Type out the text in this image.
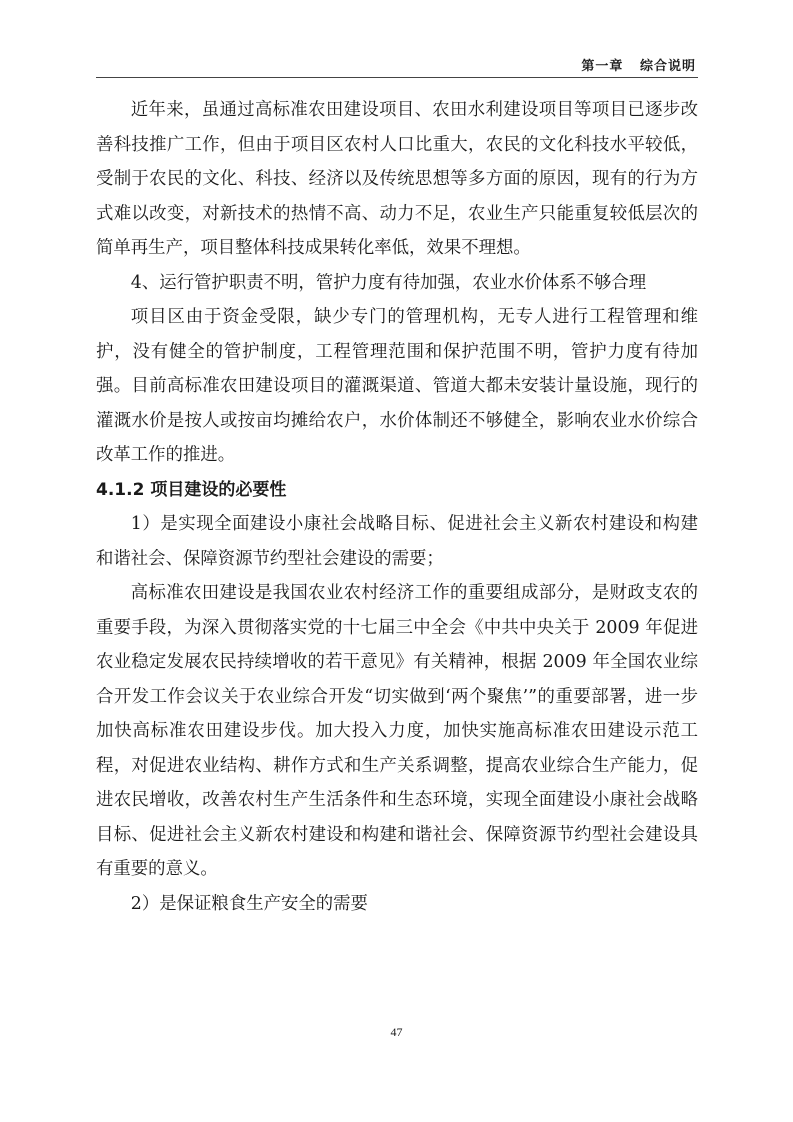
第一章 综合说明

近年来，虽通过高标准农田建设项目、农田水利建设项目等项目已逐步改善科技推广工作，但由于项目区农村人口比重大，农民的文化科技水平较低，受制于农民的文化、科技、经济以及传统思想等多方面的原因，现有的行为方式难以改变，对新技术的热情不高、动力不足，农业生产只能重复较低层次的简单再生产，项目整体科技成果转化率低，效果不理想。

4、运行管护职责不明，管护力度有待加强，农业水价体系不够合理

项目区由于资金受限，缺少专门的管理机构，无专人进行工程管理和维护，没有健全的管护制度，工程管理范围和保护范围不明，管护力度有待加强。目前高标准农田建设项目的灌溉渠道、管道大都未安装计量设施，现行的灌溉水价是按人或按亩均摊给农户，水价体制还不够健全，影响农业水价综合改革工作的推进。

4.1.2 项目建设的必要性

1）是实现全面建设小康社会战略目标、促进社会主义新农村建设和构建和谐社会、保障资源节约型社会建设的需要；

高标准农田建设是我国农业农村经济工作的重要组成部分，是财政支农的重要手段，为深入贯彻落实党的十七届三中全会《中共中央关于 2009 年促进农业稳定发展农民持续增收的若干意见》有关精神，根据 2009 年全国农业综合开发工作会议关于农业综合开发“切实做到‘两个聚焦’”的重要部署，进一步加快高标准农田建设步伐。加大投入力度，加快实施高标准农田建设示范工程，对促进农业结构、耕作方式和生产关系调整，提高农业综合生产能力，促进农民增收，改善农村生产生活条件和生态环境，实现全面建设小康社会战略目标、促进社会主义新农村建设和构建和谐社会、保障资源节约型社会建设具有重要的意义。

2）是保证粮食生产安全的需要

47
